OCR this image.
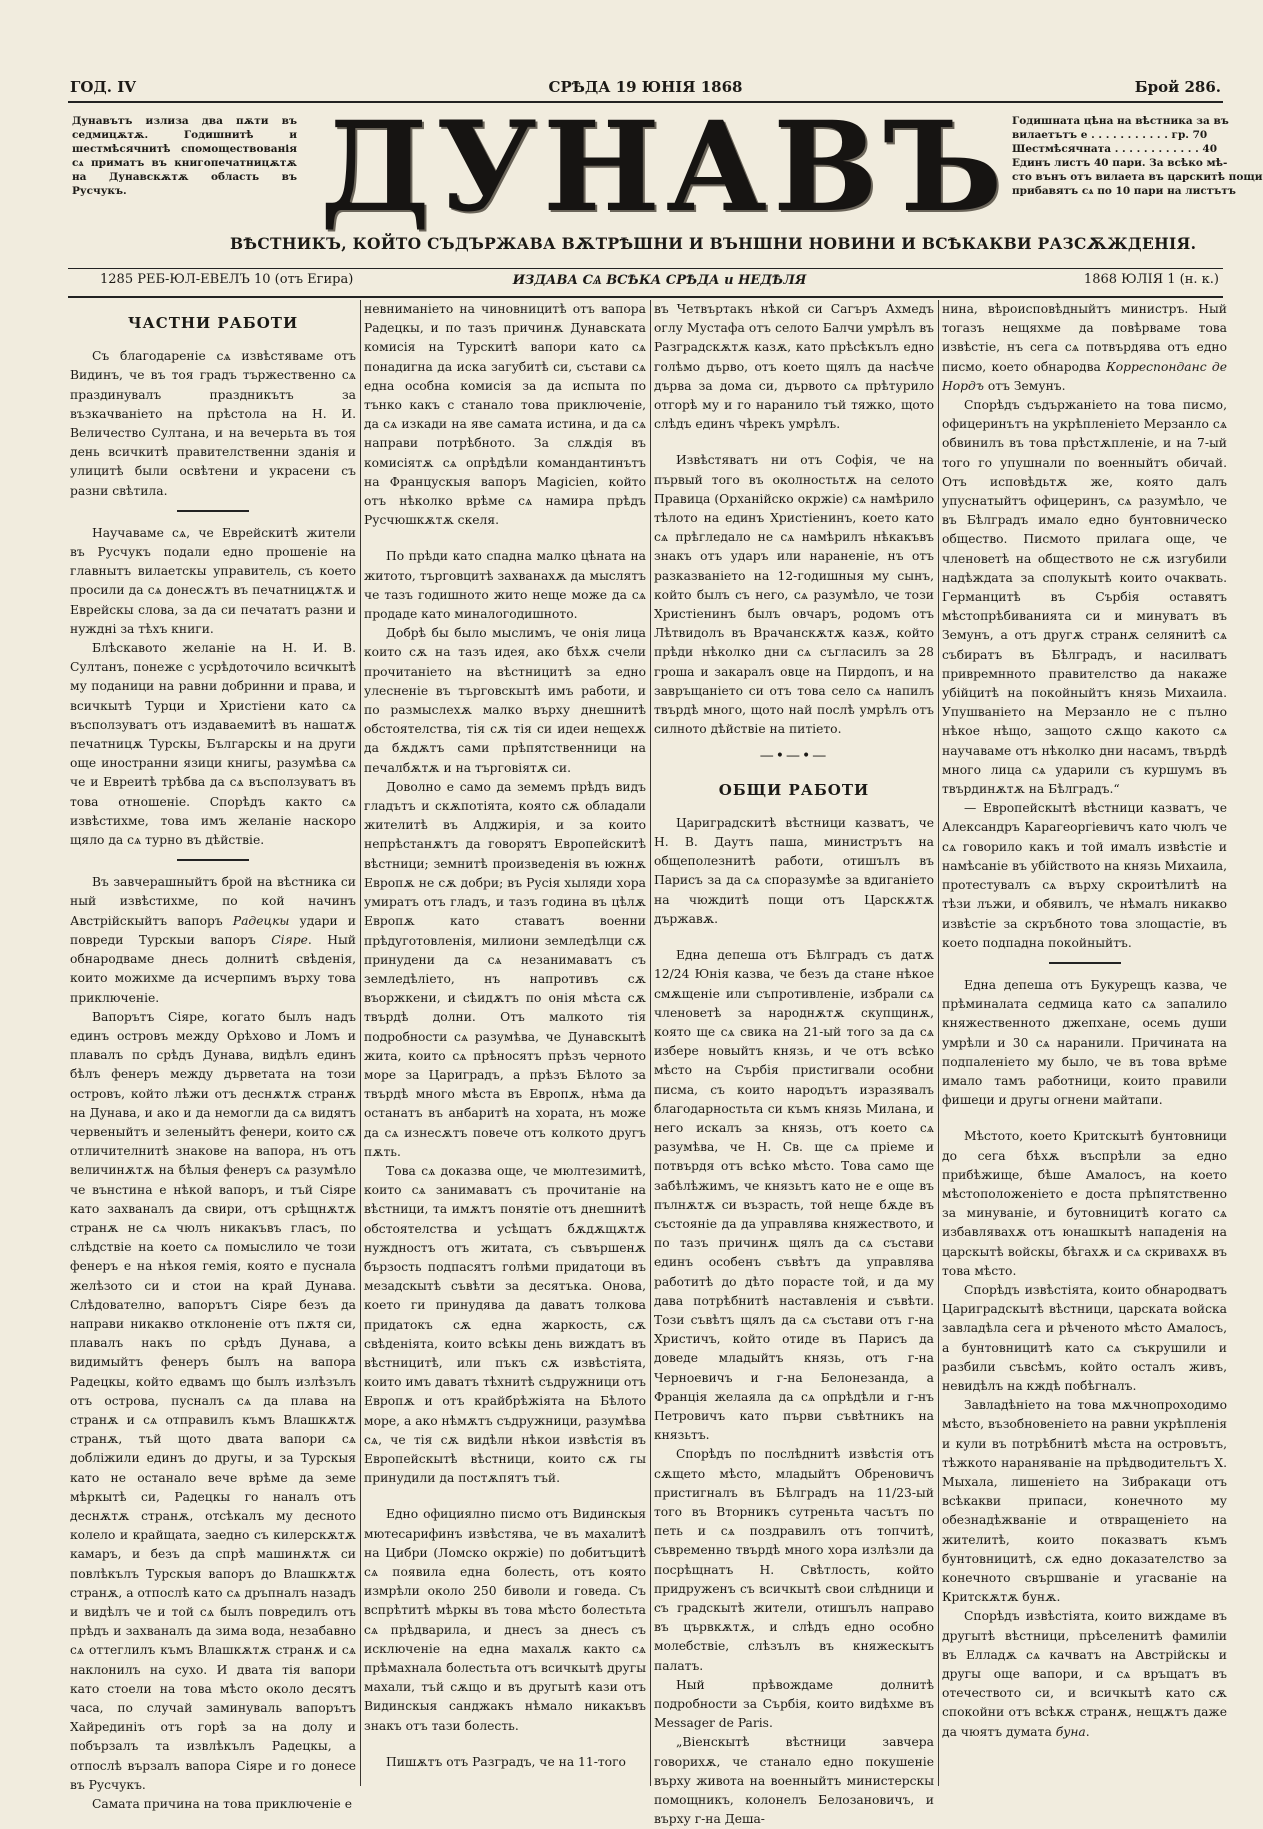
ГОД. IV	СРѢДА 19 ЮНІЯ 1868	Брой 286.
Дунавътъ излиза два пѫти въ седмицѫтѫ. Годишнитѣ и шестмѣсячнитѣ спомоществованія сѧ приматъ въ книгопечатницѫтѫ на Дунавскѫтѫ область въ Русчукъ.	ДУНАВЪ Годишната цѣна на вѣстника за въ
вилаетътъ е . . . . . . . . . . . гр. 70
Шестмѣсячната . . . . . . . . . . . . 40
Единъ листъ 40 пари. За всѣко мѣ-
сто вънъ отъ вилаета въ царскитѣ пощи
прибавятъ сѧ по 10 пари на листътъ
ВѢСТНИКЪ, КОЙТО СЪДЪРЖАВА ВѪТРѢШНИ И ВЪНШНИ НОВИНИ И ВСѢКАКВИ РАЗСѪЖДЕНІЯ.
1285 РЕБ-ЮЛ-ЕВЕЛЪ 10 (отъ Егира)	ИЗДАВА СѦ ВСѢКА СРѢДА и НЕДѢЛЯ	1868 ЮЛІЯ 1 (н. к.)
ЧАСТНИ РАБОТИ

Съ благодареніе сѧ извѣстяваме отъ Видинъ, че въ тоя градъ тържественно сѧ праздинувалъ праздникътъ за възкачваніето на прѣстола на Н. И. Величество Султана, и на вечерьта въ тоя день всичкитѣ правителственни зданія и улицитѣ были освѣтени и украсени съ разни свѣтила.

Научаваме сѧ, че Еврейскитѣ жители въ Русчукъ подали едно прошеніе на главнытъ вилаетскы управитель, съ което просили да сѧ донесѫтъ въ печатницѫтѫ и Еврейскы словa, за да си печататъ разни и нужднi за тѣхъ книги.

Блѣскавото желаніе на Н. И. В. Султанъ, понеже с усрѣдоточило всичкытѣ му поданици на равни добринни и права, и всичкытѣ Турци и Христіени като сѧ въсползуватъ отъ издаваемитѣ въ нашатѫ печатницѫ Турскы, Българскы и на други още иностранни язици книгы, разумѣва сѧ че и Евреитѣ трѣбва да сѧ въсползуватъ въ това отношеніе. Спорѣдъ както сѧ извѣстихме, това имъ желаніе наскоро щяло да сѧ турно въ дѣйствіе.

Въ завчерашныйтъ брой на вѣстника си ный извѣстихме, по кой начинъ Австрійскыйтъ вапоръ Радецкы удари и повреди Турскыи вапоръ Сіяре. Ный обнародваме днесь долнитѣ свѣденія, които можихме да исчерпимъ върху това приключеніе.

Вапорътъ Сіяре, когато былъ надъ единъ островъ между Орѣхово и Ломъ и плавалъ по срѣдъ Дунава, видѣлъ единъ бѣлъ фенеръ между дърветата на този островъ, който лѣжи отъ деснѫтѫ странѫ на Дунава, и ако и да немогли да сѧ видятъ червеныйтъ и зеленыйтъ фенери, които сѫ отличителнитѣ знакове на вапора, нъ отъ величинѫтѫ на бѣлыя фенеръ сѧ разумѣло че вънстина е нѣкой вапоръ, и тъй Сіяре като захваналъ да свири, отъ срѣщнѫтѫ странѫ не сѧ чюлъ никакъвъ гласъ, по слѣдствіе на което сѧ помыслило че този фенеръ е на нѣкоя гемія, която е пуснала желѣзото си и стои на край Дунава. Слѣдователно, вапорътъ Сіяре безъ да направи никакво отклоненіе отъ пѫтя си, плавалъ накъ по срѣдъ Дунава, а видимыйтъ фенеръ былъ на вапора Радецкы, който едвамъ що былъ излѣзълъ отъ острова, пусналъ сѧ да плава на странѫ и сѧ отправилъ къмъ Влашкѫтѫ странѫ, тъй щото двата вапори сѧ добліжили единъ до другы, и за Турскыя като не останало вече врѣме да земе мѣркытѣ си, Радецкы го наналъ отъ деснѫтѫ странѫ, отсѣкалъ му десното колело и крайщата, заедно съ килерскѫтѫ камаръ, и безъ да спрѣ машинѫтѫ си повлѣкълъ Турскыя вапоръ до Влашкѫтѫ странѫ, а отпослѣ като сѧ дръпналъ назадъ и видѣлъ че и той сѧ былъ повредилъ отъ прѣдъ и захваналъ да зима вода, незабавно сѧ оттеглилъ къмъ Влашкѫтѫ странѫ и сѧ наклонилъ на сухо. И двата тія вапори като стоели на това мѣсто около десятъ часа, по случай заминуваль вапорътъ Хайрединіъ отъ горѣ за на долу и побързалъ та извлѣкълъ Радецкы, а отпослѣ вързалъ вапора Сіяре и го донесе въ Русчукъ.

Самата причина на това приключеніе е

невниманіето на чиновницитѣ отъ вапора Радецкы, и по тазъ причинѫ Дунавската комисія на Турскитѣ вапори като сѧ понадигна да иска загубитѣ си, състави сѧ една особна комисія за да испыта по тънко какъ с станало това приключеніе, да сѧ изкади на яве самата истина, и да сѧ направи потрѣбното. За слѫдія въ комисіятѫ сѧ опрѣдѣли командантинътъ на Францускыя вапоръ Magicien, който отъ нѣколко врѣме сѧ намира прѣдъ Русчюшкѫтѫ скеля.

По прѣди като спадна малко цѣната на житото, търговцитѣ захванахѫ да мыслятъ че тазъ годишното жито неще може да сѧ продаде като миналогодишното.

Добрѣ бы было мыслимъ, че онія лица които сѫ на тазъ идея, ако бѣхѫ счели прочитаніето на вѣстницитѣ за едно улесненіе въ търговскытѣ имъ работи, и по размыслехѫ малко върху днешнитѣ обстоятелства, тія сѫ тія си идеи нещехѫ да бѫдѫтъ сами прѣпятственници на печалбѫтѫ и на търговіятѫ си.

Доволно е само да земемъ прѣдъ видъ гладътъ и скѫпотіята, която сѫ обладали жителитѣ въ Алджирія, и за които непрѣстанѫтъ да говорятъ Европейскитѣ вѣстници; земнитѣ произведенія въ южнѫ Европѫ не сѫ добри; въ Русія хыляди хора умиратъ отъ гладъ, и тазъ година въ цѣлѫ Европѫ като ставатъ военни прѣдуготовленія, милиони земледѣлци сѫ принудени да сѧ незанимаватъ съ земледѣліето, нъ напротивъ сѫ въоржкени, и сѣидѫтъ по онія мѣста сѫ твърдѣ долни. Отъ малкото тія подробности сѧ разумѣва, че Дунавскытѣ жита, които сѧ прѣносятъ прѣзъ черното море за Цариградъ, а прѣзъ Бѣлото за твърдѣ много мѣста въ Европѫ, нѣма да останатъ въ анбаритѣ на хората, нъ може да сѧ изнесѫтъ повече отъ колкото другъ пѫть.

Това сѧ доказва още, че мюлтезимитѣ, които сѧ занимаватъ съ прочитаніе на вѣстници, та имѫтъ понятіе отъ днешнитѣ обстоятелства и усѣщатъ бѫдѫщѫтѫ нуждностъ отъ житата, съ съвършенѫ бързость подпасятъ голѣми придатоци въ мезадскытѣ съвѣти за десятъка. Онова, което ги принудява да даватъ толкова придатокъ сѫ една жаркость, сѫ свѣденіята, които всѣкы день виждатъ въ вѣстницитѣ, или пъкъ сѫ извѣстіята, които имъ даватъ тѣхнитѣ съдружници отъ Европѫ и отъ крайбрѣжіята на Бѣлото море, а ако нѣмѫтъ съдружници, разумѣва сѧ, че тія сѫ видѣли нѣкои извѣстія въ Европейскытѣ вѣстници, които сѫ гы принудили да постѫпятъ тъй.

Едно официялно писмо отъ Видинскыя мютесарифинъ извѣстява, че въ махалитѣ на Цибри (Ломско окржіе) по добитъцитѣ сѧ появила една болесть, отъ която измрѣли около 250 биволи и говеда. Съ вспрѣтитѣ мѣркы въ това мѣсто болестьта сѧ прѣдварила, и днесъ за днесъ съ исключеніе на една махалѫ както сѧ прѣмахнала болестьта отъ всичкытѣ другы махали, тъй сѫщо и въ другытѣ кази отъ Видинскыя санджакъ нѣмало никакъвъ знакъ отъ тази болесть.

Пишѫтъ отъ Разградъ, че на 11-того

въ Четвъртакъ нѣкой си Сагъръ Ахмедъ оглу Мустафа отъ селото Балчи умрѣлъ въ Разградскѫтѫ казѫ, като прѣсѣкълъ едно голѣмо дърво, отъ което щялъ да насѣче дърва за дома си, дървото сѧ прѣтурило отгорѣ му и го наранило тъй тяжко, щото слѣдъ единъ чѣрекъ умрѣлъ.

Извѣстяватъ ни отъ Софія, че на първый того въ околностьтѫ на селото Правица (Орханійско окржіе) сѧ намѣрило тѣлото на единъ Христіенинъ, което като сѧ прѣгледало не сѧ намѣрилъ нѣкакъвъ знакъ отъ ударъ или нараненіе, нъ отъ разказваніето на 12-годишныя му сынъ, който былъ съ него, сѧ разумѣло, че този Христіенинъ былъ овчаръ, родомъ отъ Лѣтвидолъ въ Врачанскѫтѫ казѫ, който прѣди нѣколко дни сѧ съгласилъ за 28 гроша и закаралъ овце на Пирдопъ, и на завръщаніето си отъ това село сѧ напилъ твърдѣ много, щото най послѣ умрѣлъ отъ силното дѣйствіе на питіето.

—•—•—
ОБЩИ РАБОТИ

Цариградскитѣ вѣстници казватъ, че Н. В. Даутъ паша, министрътъ на общеполезнитѣ работи, отишълъ въ Парисъ за да сѧ споразумѣе за вдиганіето на чюждитѣ пощи отъ Царскѫтѫ държавѫ.

Една депеша отъ Бѣлградъ съ датѫ 12/24 Юнія казва, че безъ да стане нѣкое смѫщеніе или съпротивленіе, избрали сѧ членоветѣ за народнѫтѫ скупщинѫ, която ще сѧ свика на 21-ый того за да сѧ избере новыйтъ князь, и че отъ всѣко мѣсто на Сърбія пристигвали особни писма, съ които народътъ изразявалъ благодарностьта си къмъ князь Милана, и него искалъ за князь, отъ което сѧ разумѣва, че Н. Св. ще сѧ пріеме и потвърдя отъ всѣко мѣсто. Това само ще забѣлѣжимъ, че князьтъ като не е още въ пълнѫтѫ си възрасть, той неще бѫде въ състояніе да да управлява княжеството, и по тазъ причинѫ щялъ да сѧ състави единъ особенъ съвѣтъ да управлява работитѣ до дѣто порасте той, и да му дава потрѣбнитѣ наставленія и съвѣти. Този съвѣтъ щялъ да сѧ състави отъ г-на Христичъ, който отиде въ Парисъ да доведе младыйтъ князь, отъ г-на Черноевичъ и г-на Белонезанда, а Франція желаяла да сѧ опрѣдѣли и г-нъ Петровичъ като първи съвѣтникъ на князьтъ.

Спорѣдъ по послѣднитѣ извѣстія отъ сѫщето мѣсто, младыйтъ Обреновичъ пристигналъ въ Бѣлградъ на 11/23-ый того въ Вторникъ сутреньта часътъ по петь и сѧ поздравилъ отъ топчитѣ, съвременно твърдѣ много хора излѣзли да посрѣщнатъ Н. Свѣтлость, който придруженъ съ всичкытѣ свои слѣдници и съ градскытѣ жители, отишълъ направо въ цървкѫтѫ, и слѣдъ едно особно молебствіе, слѣзълъ въ княжескытъ палатъ.

Ный прѣвождаме долнитѣ подробности за Сърбія, които видѣхме въ Messager de Paris.

„Віенскытѣ вѣстници завчера говорихѫ, че станало едно покушеніе върху живота на военныйтъ министерскы помощникъ, колонелъ Белозановичъ, и върху г-на Деша-

нина, вѣроисповѣдныйтъ министръ. Ный тогазъ нещяхме да повѣрваме това извѣстіе, нъ сега сѧ потвърдява отъ едно писмо, което обнародва Корреспонданс де Нордъ отъ Земунъ.

Спорѣдъ съдържаніето на това писмо, офицеринътъ на укрѣпленіето Мерзанло сѧ обвинилъ въ това прѣстѫпленіе, и на 7-ый того го упушнали по военныйтъ обичай. Отъ исповѣдьтѫ же, която далъ упуснатыйтъ офицеринъ, сѧ разумѣло, че въ Бѣлградъ имало едно бунтовническо общество. Писмото прилага още, че членоветѣ на обществото не сѫ изгубили надѣждата за сполукытѣ които очаквать. Германцитѣ въ Сърбія оставятъ мѣстопрѣбиванията си и минуватъ въ Земунъ, а отъ другѫ странѫ селянитѣ сѧ събиратъ въ Бѣлградъ, и насилватъ привремнното правителство да накаже убійцитѣ на покойныйтъ князь Михаила. Упушваніето на Мерзанло не с пълно нѣкое нѣщо, защото сѫщо какото сѧ научаваме отъ нѣколко дни насамъ, твърдѣ много лица сѧ ударили съ куршумъ въ твърдинѫтѫ на Бѣлградъ.“

— Европейскытѣ вѣстници казватъ, че Александръ Карагеоргіевичъ като чюлъ че сѧ говорило какъ и той ималъ извѣстіе и намѣсаніе въ убійството на князь Михаила, протестувалъ сѧ върху скроитѣлитѣ на тѣзи лъжи, и обявилъ, че нѣмалъ никакво извѣстіе за скръбното това злощастіе, въ което подпадна покойныйтъ.

Една депеша отъ Букурещъ казва, че прѣминалата седмица като сѧ запалило княжественното джепхане, осемь души умрѣли и 30 сѧ наранили. Причината на подпаленіето му было, че въ това врѣме имало тамъ работници, които правили фишеци и другы огнени майтапи.

Мѣстото, което Критскытѣ бунтовници до сега бѣхѫ въспрѣли за едно прибѣжище, бѣше Амалосъ, на което мѣстоположеніето е доста прѣпятственно за минуваніе, и бутовницитѣ когато сѧ избавлявахѫ отъ юнашкытѣ нападенія на царскытѣ войскы, бѣгахѫ и сѧ скривахѫ въ това мѣсто.

Спорѣдъ извѣстіята, които обнародватъ Цариградскытѣ вѣстници, царската войска завладѣла сега и рѣченото мѣсто Амалосъ, а бунтовницитѣ като сѧ съкрушили и разбили съвсѣмъ, който осталъ живъ, невидѣлъ на кждѣ побѣгналъ.

Завладѣніето на това мѫчнопроходимо мѣсто, възобновеніето на равни укрѣпленія и кули въ потрѣбнитѣ мѣста на островътъ, тѣжкото нараняваніе на прѣдводительтъ Х. Мыхала, лишеніето на Зибракаци отъ всѣкакви припаси, конечното му обезнадѣжваніе и отвращеніето на жителитѣ, които показватъ къмъ бунтовницитѣ, сѫ едно доказателство за конечното свършваніе и угасваніе на Критскѫтѫ бунѫ.

Спорѣдъ извѣстіята, които виждаме въ другытѣ вѣстници, прѣселенитѣ фамиліи въ Елладѫ сѧ качватъ на Австрійскы и другы още вапори, и сѧ връщатъ въ отечеството си, и всичкытѣ като сѫ спокойни отъ всѣкѫ странѫ, нещѫтъ даже да чюятъ думата буна.
